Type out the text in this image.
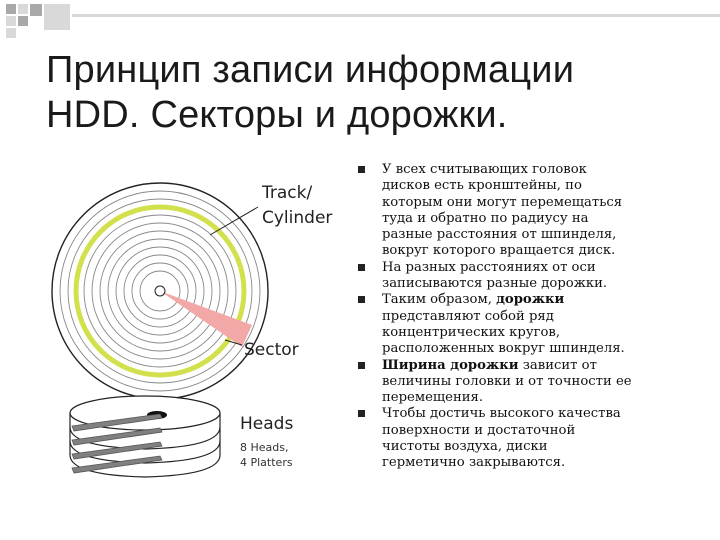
Принцип записи информации
HDD. Секторы и дорожки.
Track/
Cylinder
Sector
Heads
8 Heads,
4 Platters
У всех считывающих головок
дисков есть кронштейны, по
которым они могут перемещаться
туда и обратно по радиусу на
разные расстояния от шпинделя,
вокруг которого вращается диск.
На разных расстояниях от оси
записываются разные дорожки.
Таким образом, дорожки
представляют собой ряд
концентрических кругов,
расположенных вокруг шпинделя.
Ширина дорожки зависит от
величины головки и от точности ее
перемещения.
Чтобы достичь высокого качества
поверхности и достаточной
чистоты воздуха, диски
герметично закрываются.
